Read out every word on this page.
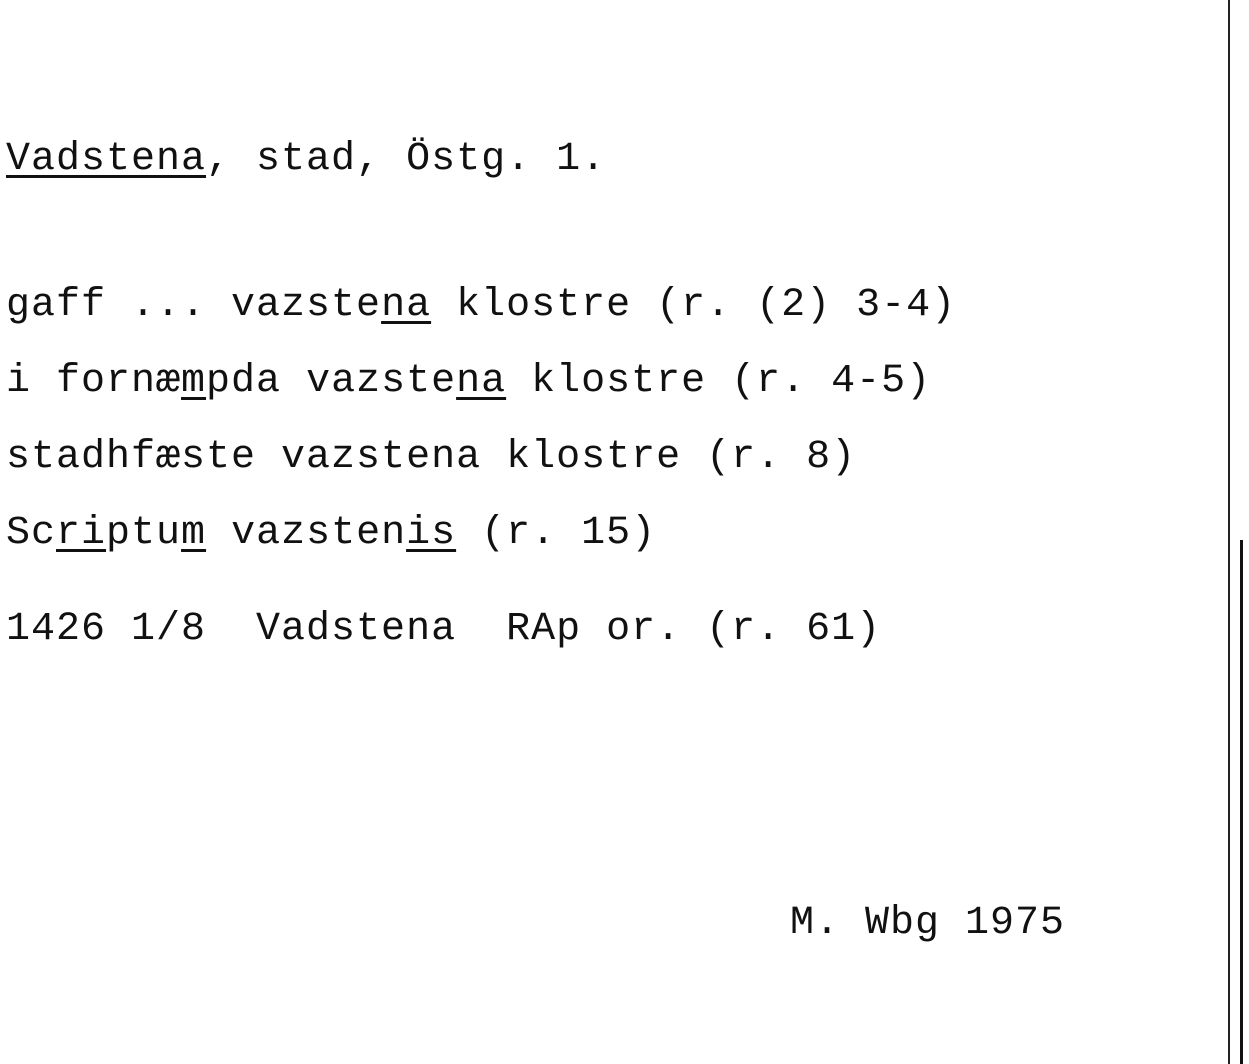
Vadstena, stad, Östg. 1.
gaff ... vazstena klostre (r. (2) 3-4)
i fornæmpda vazstena klostre (r. 4-5)
stadhfæste vazstena klostre (r. 8)
Scriptum vazstenis (r. 15)
1426 1/8  Vadstena  RAp or. (r. 61)
M. Wbg 1975
